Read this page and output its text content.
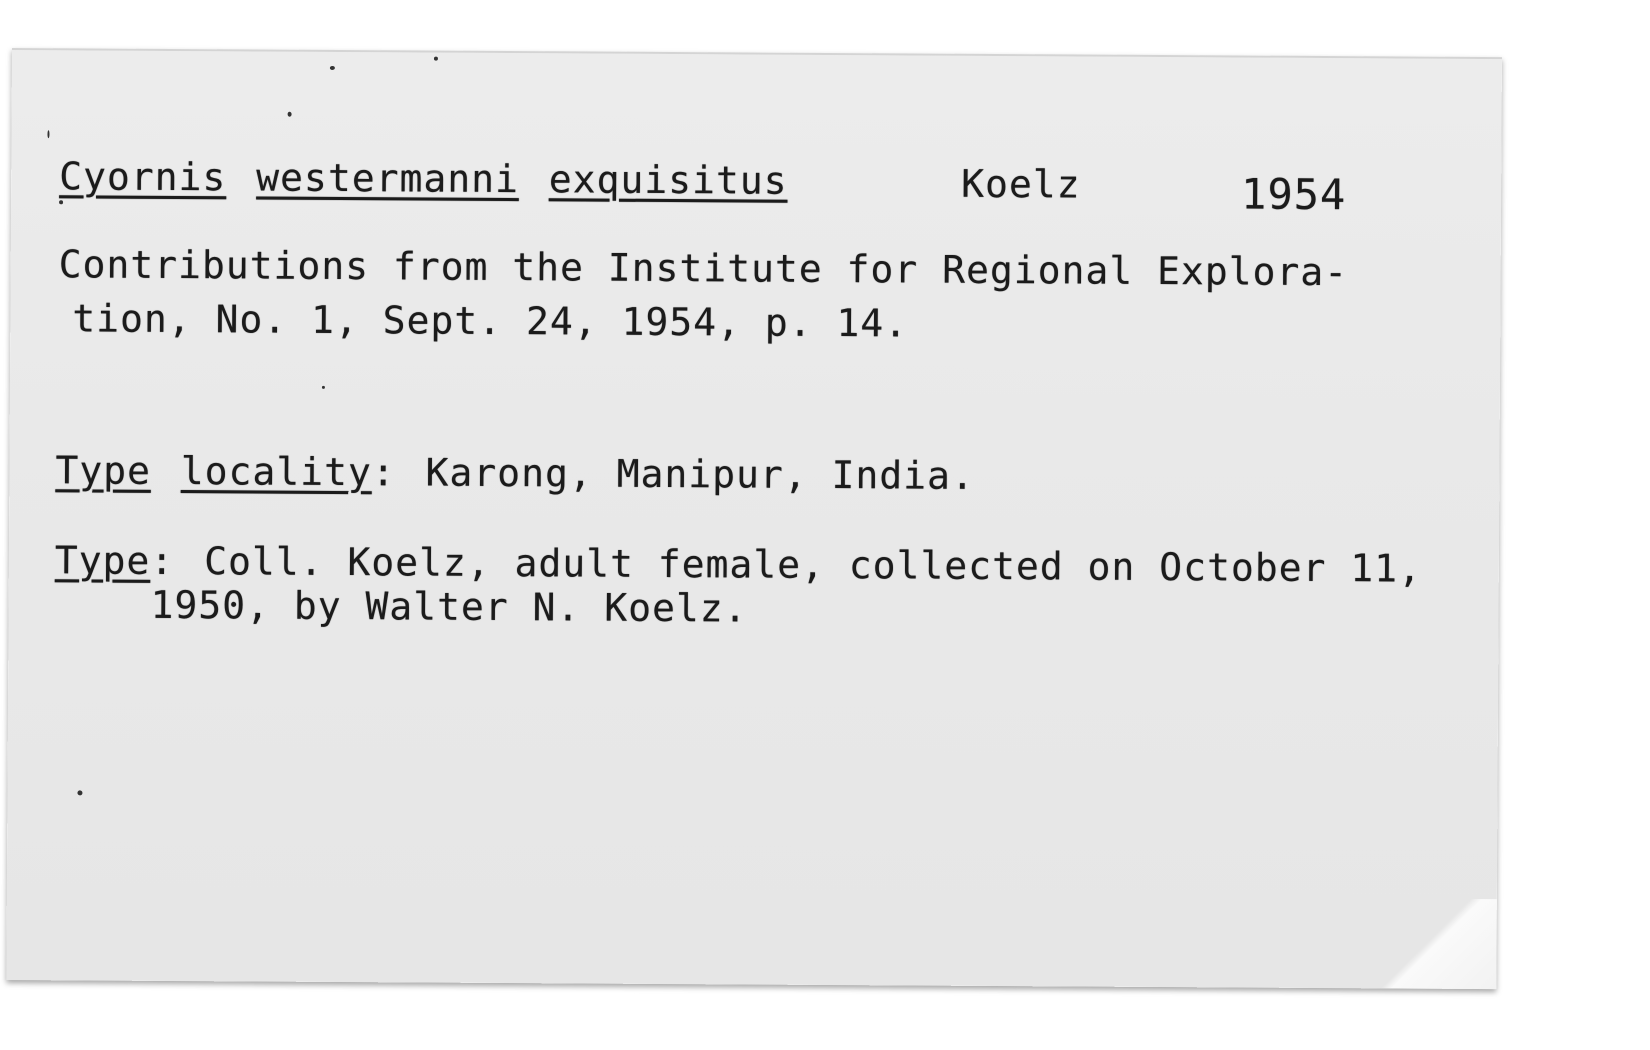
Cyornis westermanni exquisitus	Koelz	1954
Contributions from the Institute for Regional Explora-
tion, No. 1, Sept. 24, 1954, p. 14.
Type locality: Karong, Manipur, India.
Type: Coll. Koelz, adult female, collected on October 11,
1950, by Walter N. Koelz.
